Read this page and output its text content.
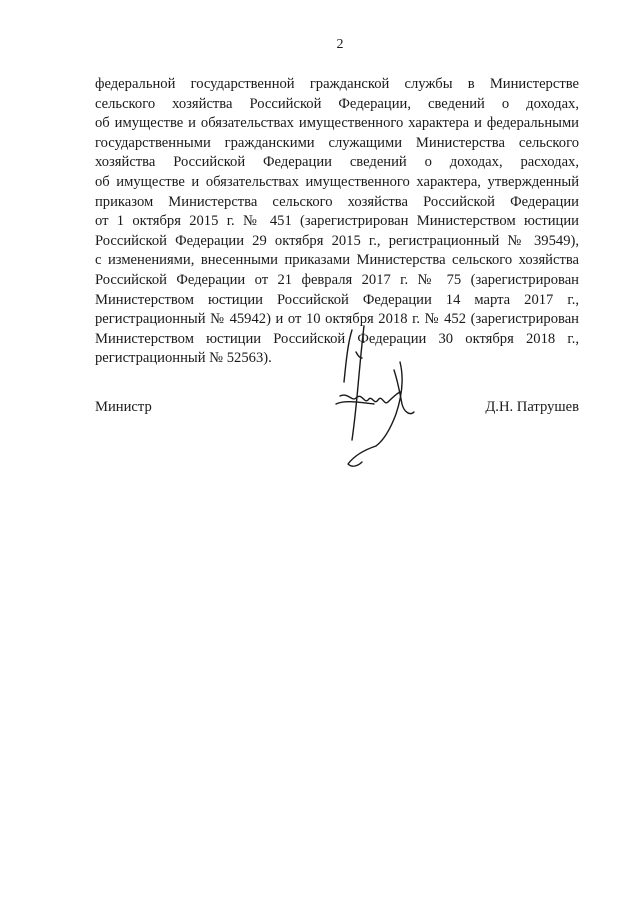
2
федеральной государственной гражданской службы в Министерстве
сельского хозяйства Российской Федерации, сведений о доходах,
об имуществе и обязательствах имущественного характера и федеральными
государственными гражданскими служащими Министерства сельского
хозяйства Российской Федерации сведений о доходах, расходах,
об имуществе и обязательствах имущественного характера, утвержденный
приказом Министерства сельского хозяйства Российской Федерации
от 1 октября 2015 г. № 451 (зарегистрирован Министерством юстиции
Российской Федерации 29 октября 2015 г., регистрационный № 39549),
с изменениями, внесенными приказами Министерства сельского хозяйства
Российской Федерации от 21 февраля 2017 г. № 75 (зарегистрирован
Министерством юстиции Российской Федерации 14 марта 2017 г.,
регистрационный № 45942) и от 10 октября 2018 г. № 452 (зарегистрирован
Министерством юстиции Российской Федерации 30 октября 2018 г.,
регистрационный № 52563).
Министр	Д.Н. Патрушев
